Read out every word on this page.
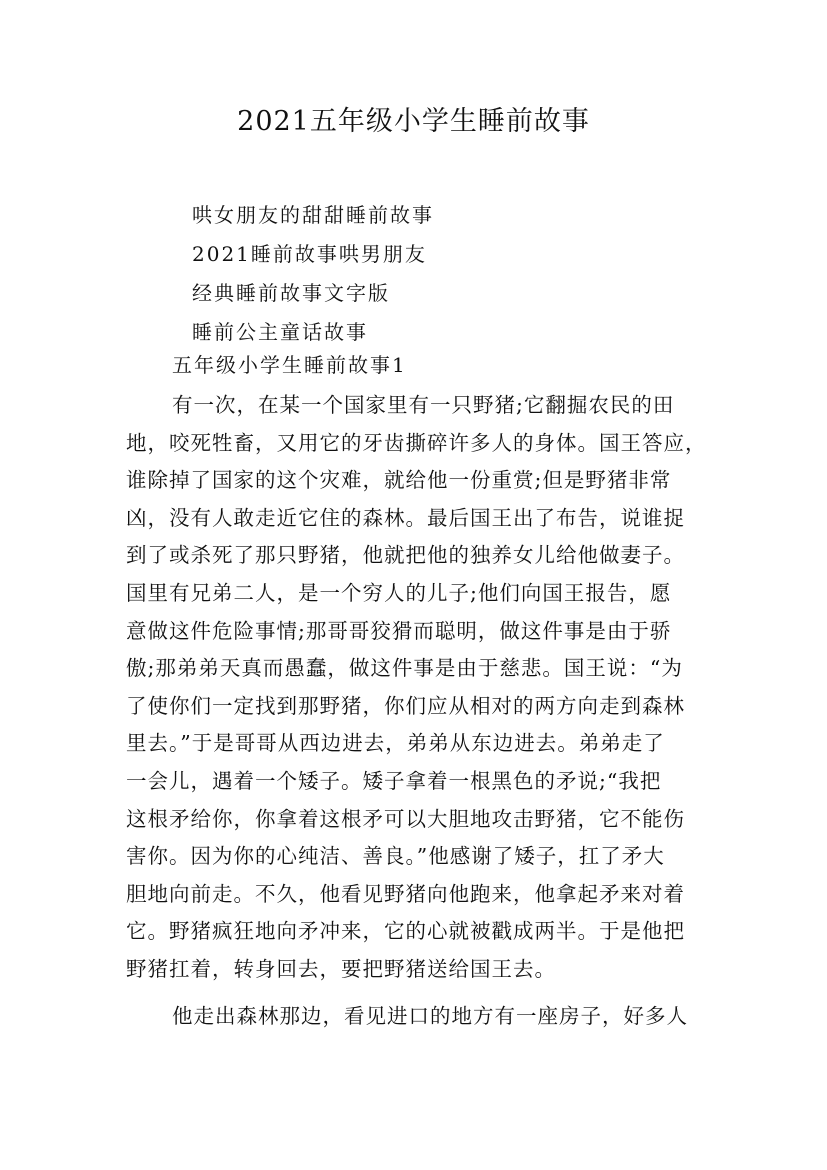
2021五年级小学生睡前故事
哄女朋友的甜甜睡前故事
2021睡前故事哄男朋友
经典睡前故事文字版
睡前公主童话故事
五年级小学生睡前故事1
有一次，在某一个国家里有一只野猪;它翻掘农民的田
地，咬死牲畜，又用它的牙齿撕碎许多人的身体。国王答应，
谁除掉了国家的这个灾难，就给他一份重赏;但是野猪非常
凶，没有人敢走近它住的森林。最后国王出了布告，说谁捉
到了或杀死了那只野猪，他就把他的独养女儿给他做妻子。
国里有兄弟二人，是一个穷人的儿子;他们向国王报告，愿
意做这件危险事情;那哥哥狡猾而聪明，做这件事是由于骄
傲;那弟弟天真而愚蠢，做这件事是由于慈悲。国王说：“为
了使你们一定找到那野猪，你们应从相对的两方向走到森林
里去。”于是哥哥从西边进去，弟弟从东边进去。弟弟走了
一会儿，遇着一个矮子。矮子拿着一根黑色的矛说;“我把
这根矛给你，你拿着这根矛可以大胆地攻击野猪，它不能伤
害你。因为你的心纯洁、善良。”他感谢了矮子，扛了矛大
胆地向前走。不久，他看见野猪向他跑来，他拿起矛来对着
它。野猪疯狂地向矛冲来，它的心就被戳成两半。于是他把
野猪扛着，转身回去，要把野猪送给国王去。
他走出森林那边，看见进口的地方有一座房子，好多人
